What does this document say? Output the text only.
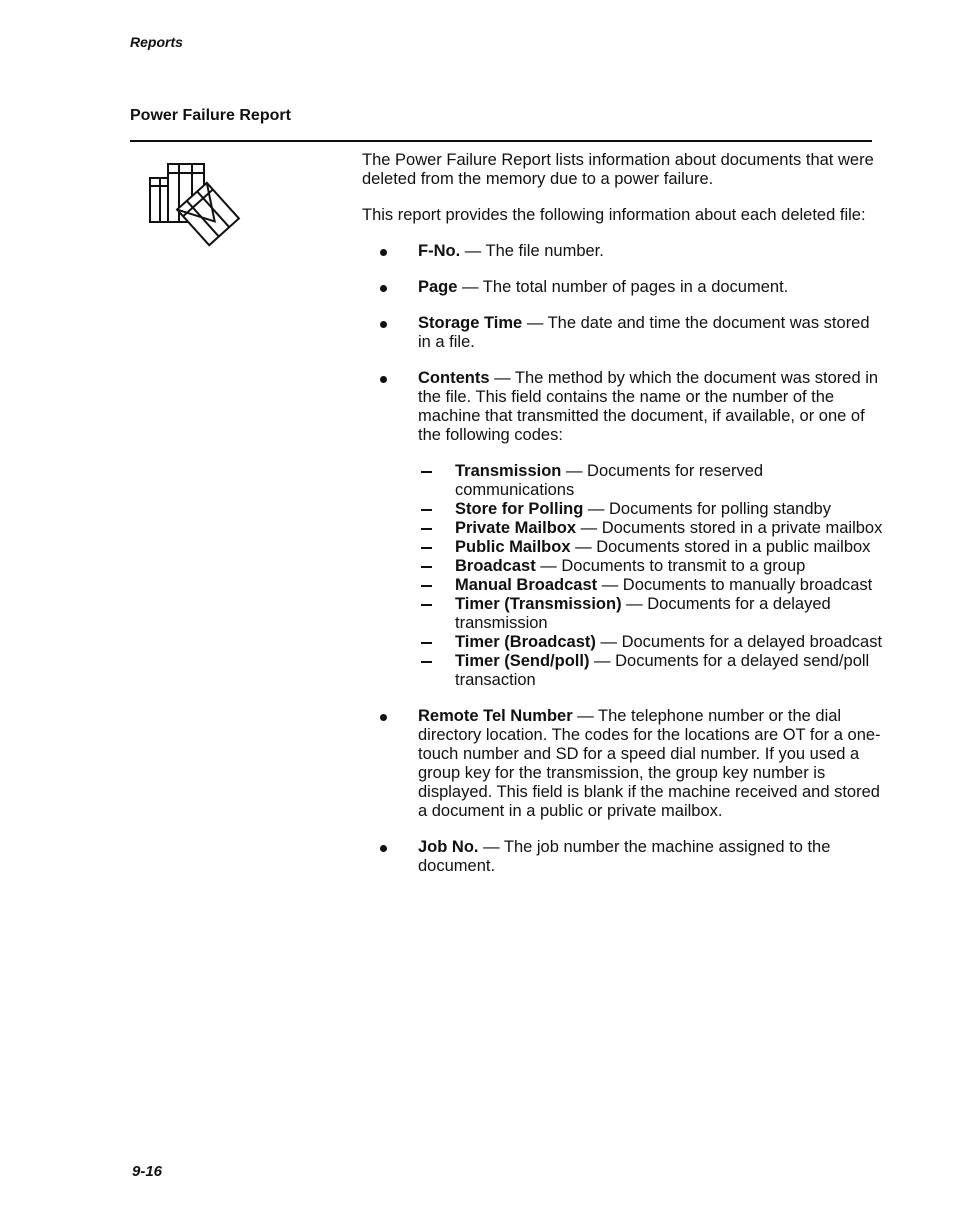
Reports
Power Failure Report

The Power Failure Report lists information about documents that were deleted from the memory due to a power failure.

This report provides the following information about each deleted file:

F-No. — The file number.
Page — The total number of pages in a document.
Storage Time — The date and time the document was stored in a file.
Contents — The method by which the document was stored in the file. This field contains the name or the number of the machine that transmitted the document, if available, or one of the following codes:
Transmission — Documents for reserved communications
Store for Polling — Documents for polling standby
Private Mailbox — Documents stored in a private mailbox
Public Mailbox — Documents stored in a public mailbox
Broadcast — Documents to transmit to a group
Manual Broadcast — Documents to manually broadcast
Timer (Transmission) — Documents for a delayed transmission
Timer (Broadcast) — Documents for a delayed broadcast
Timer (Send/poll) — Documents for a delayed send/poll transaction
Remote Tel Number — The telephone number or the dial directory location. The codes for the locations are OT for a one-touch number and SD for a speed dial number. If you used a group key for the transmission, the group key number is displayed. This field is blank if the machine received and stored a document in a public or private mailbox.
Job No. — The job number the machine assigned to the document.
9-16
